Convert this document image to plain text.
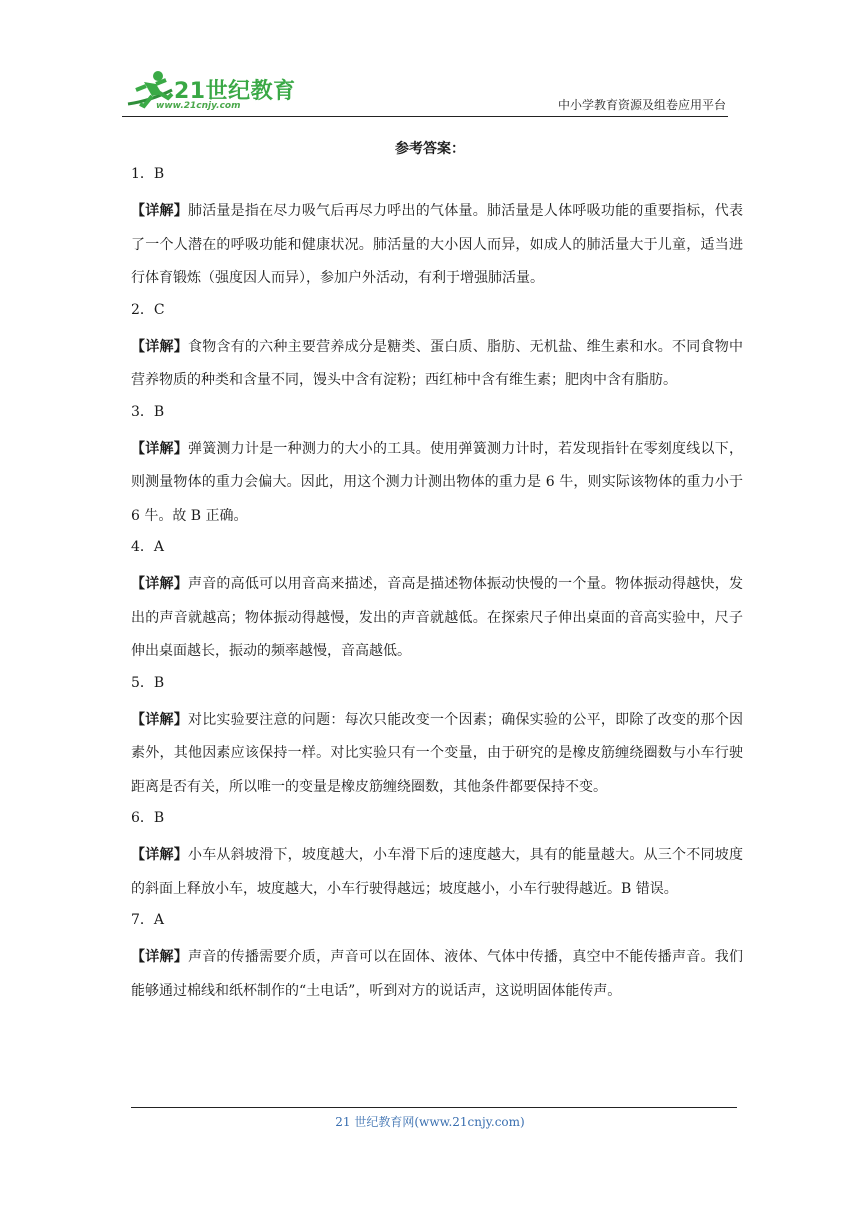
21世纪教育
www.21cnjy.com	中小学教育资源及组卷应用平台
参考答案：
1．B
【详解】肺活量是指在尽力吸气后再尽力呼出的气体量。肺活量是人体呼吸功能的重要指标，代表了一个人潜在的呼吸功能和健康状况。肺活量的大小因人而异，如成人的肺活量大于儿童，适当进行体育锻炼（强度因人而异），参加户外活动，有利于增强肺活量。
2．C
【详解】食物含有的六种主要营养成分是糖类、蛋白质、脂肪、无机盐、维生素和水。不同食物中营养物质的种类和含量不同，馒头中含有淀粉；西红柿中含有维生素；肥肉中含有脂肪。
3．B
【详解】弹簧测力计是一种测力的大小的工具。使用弹簧测力计时，若发现指针在零刻度线以下，则测量物体的重力会偏大。因此，用这个测力计测出物体的重力是 6 牛，则实际该物体的重力小于 6 牛。故 B 正确。
4．A
【详解】声音的高低可以用音高来描述，音高是描述物体振动快慢的一个量。物体振动得越快，发出的声音就越高；物体振动得越慢，发出的声音就越低。在探索尺子伸出桌面的音高实验中，尺子伸出桌面越长，振动的频率越慢，音高越低。
5．B
【详解】对比实验要注意的问题：每次只能改变一个因素；确保实验的公平，即除了改变的那个因素外，其他因素应该保持一样。对比实验只有一个变量，由于研究的是橡皮筋缠绕圈数与小车行驶距离是否有关，所以唯一的变量是橡皮筋缠绕圈数，其他条件都要保持不变。
6．B
【详解】小车从斜坡滑下，坡度越大，小车滑下后的速度越大，具有的能量越大。从三个不同坡度的斜面上释放小车，坡度越大，小车行驶得越远；坡度越小，小车行驶得越近。B 错误。
7．A
【详解】声音的传播需要介质，声音可以在固体、液体、气体中传播，真空中不能传播声音。我们能够通过棉线和纸杯制作的“土电话”，听到对方的说话声，这说明固体能传声。
21 世纪教育网(www.21cnjy.com)
